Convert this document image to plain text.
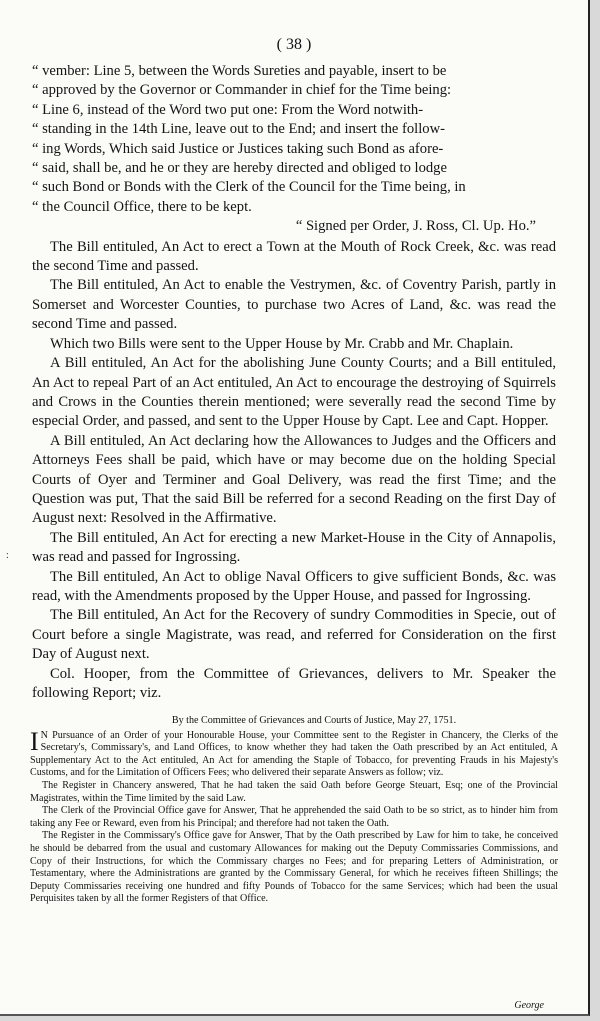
( 38 )
:

“ vember: Line 5, between the Words Sureties and payable, insert to be

“ approved by the Governor or Commander in chief for the Time being:

“ Line 6, instead of the Word two put one: From the Word notwith-

“ standing in the 14th Line, leave out to the End; and insert the follow-

“ ing Words, Which said Justice or Justices taking such Bond as afore-

“ said, shall be, and he or they are hereby directed and obliged to lodge

“ such Bond or Bonds with the Clerk of the Council for the Time being, in

“ the Council Office, there to be kept.

“ Signed per Order, J. Ross, Cl. Up. Ho.”

The Bill entituled, An Act to erect a Town at the Mouth of Rock Creek, &c. was read the second Time and passed.

The Bill entituled, An Act to enable the Vestrymen, &c. of Coventry Parish, partly in Somerset and Worcester Counties, to purchase two Acres of Land, &c. was read the second Time and passed.

Which two Bills were sent to the Upper House by Mr. Crabb and Mr. Chaplain.

A Bill entituled, An Act for the abolishing June County Courts; and a Bill entituled, An Act to repeal Part of an Act entituled, An Act to encourage the destroying of Squirrels and Crows in the Counties therein mentioned; were severally read the second Time by especial Order, and passed, and sent to the Upper House by Capt. Lee and Capt. Hopper.

A Bill entituled, An Act declaring how the Allowances to Judges and the Officers and Attorneys Fees shall be paid, which have or may become due on the holding Special Courts of Oyer and Terminer and Goal Delivery, was read the first Time; and the Question was put, That the said Bill be referred for a second Reading on the first Day of August next: Resolved in the Affirmative.

The Bill entituled, An Act for erecting a new Market-House in the City of Annapolis, was read and passed for Ingrossing.

The Bill entituled, An Act to oblige Naval Officers to give sufficient Bonds, &c. was read, with the Amendments proposed by the Upper House, and passed for Ingrossing.

The Bill entituled, An Act for the Recovery of sundry Commodities in Specie, out of Court before a single Magistrate, was read, and referred for Consideration on the first Day of August next.

Col. Hooper, from the Committee of Grievances, delivers to Mr. Speaker the following Report; viz.

By the Committee of Grievances and Courts of Justice, May 27, 1751.

IN Pursuance of an Order of your Honourable House, your Committee sent to the Register in Chancery, the Clerks of the Secretary's, Commissary's, and Land Offices, to know whether they had taken the Oath prescribed by an Act entituled, A Supplementary Act to the Act entituled, An Act for amending the Staple of Tobacco, for preventing Frauds in his Majesty's Customs, and for the Limitation of Officers Fees; who delivered their separate Answers as follow; viz.

The Register in Chancery answered, That he had taken the said Oath before George Steuart, Esq; one of the Provincial Magistrates, within the Time limited by the said Law.

The Clerk of the Provincial Office gave for Answer, That he apprehended the said Oath to be so strict, as to hinder him from taking any Fee or Reward, even from his Principal; and therefore had not taken the Oath.

The Register in the Commissary's Office gave for Answer, That by the Oath prescribed by Law for him to take, he conceived he should be debarred from the usual and customary Allowances for making out the Deputy Commissaries Commissions, and Copy of their Instructions, for which the Commissary charges no Fees; and for preparing Letters of Administration, or Testamentary, where the Administrations are granted by the Commissary General, for which he receives fifteen Shillings; the Deputy Commissaries receiving one hundred and fifty Pounds of Tobacco for the same Services; which had been the usual Perquisites taken by all the former Registers of that Office.

George
